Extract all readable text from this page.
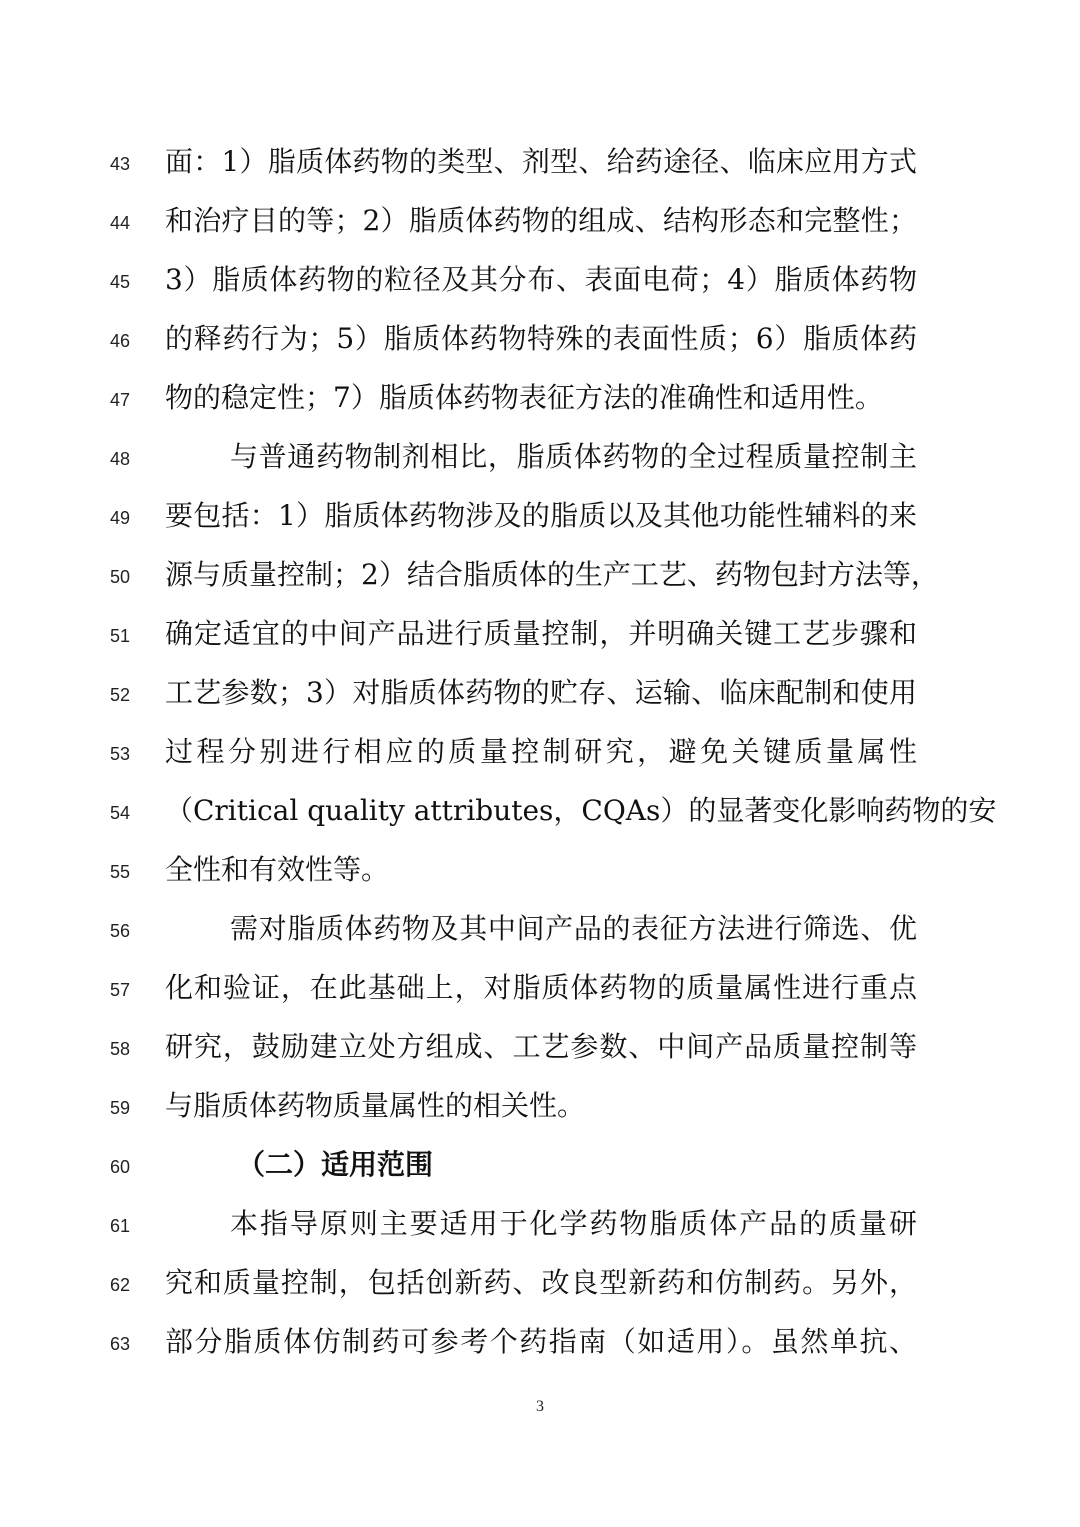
43	面：1）脂质体药物的类型、剂型、给药途径、临床应用方式
44	和治疗目的等；2）脂质体药物的组成、结构形态和完整性；
45	3）脂质体药物的粒径及其分布、表面电荷；4）脂质体药物
46	的释药行为；5）脂质体药物特殊的表面性质；6）脂质体药
47	物的稳定性；7）脂质体药物表征方法的准确性和适用性。
48	与普通药物制剂相比，脂质体药物的全过程质量控制主
49	要包括：1）脂质体药物涉及的脂质以及其他功能性辅料的来
50	源与质量控制；2）结合脂质体的生产工艺、药物包封方法等，
51	确定适宜的中间产品进行质量控制，并明确关键工艺步骤和
52	工艺参数；3）对脂质体药物的贮存、运输、临床配制和使用
53	过程分别进行相应的质量控制研究，避免关键质量属性
54	（Critical quality attributes，CQAs）的显著变化影响药物的安
55	全性和有效性等。
56	需对脂质体药物及其中间产品的表征方法进行筛选、优
57	化和验证，在此基础上，对脂质体药物的质量属性进行重点
58	研究，鼓励建立处方组成、工艺参数、中间产品质量控制等
59	与脂质体药物质量属性的相关性。
60	（二）适用范围
61	本指导原则主要适用于化学药物脂质体产品的质量研
62	究和质量控制，包括创新药、改良型新药和仿制药。另外，
63	部分脂质体仿制药可参考个药指南（如适用）。虽然单抗、
3
